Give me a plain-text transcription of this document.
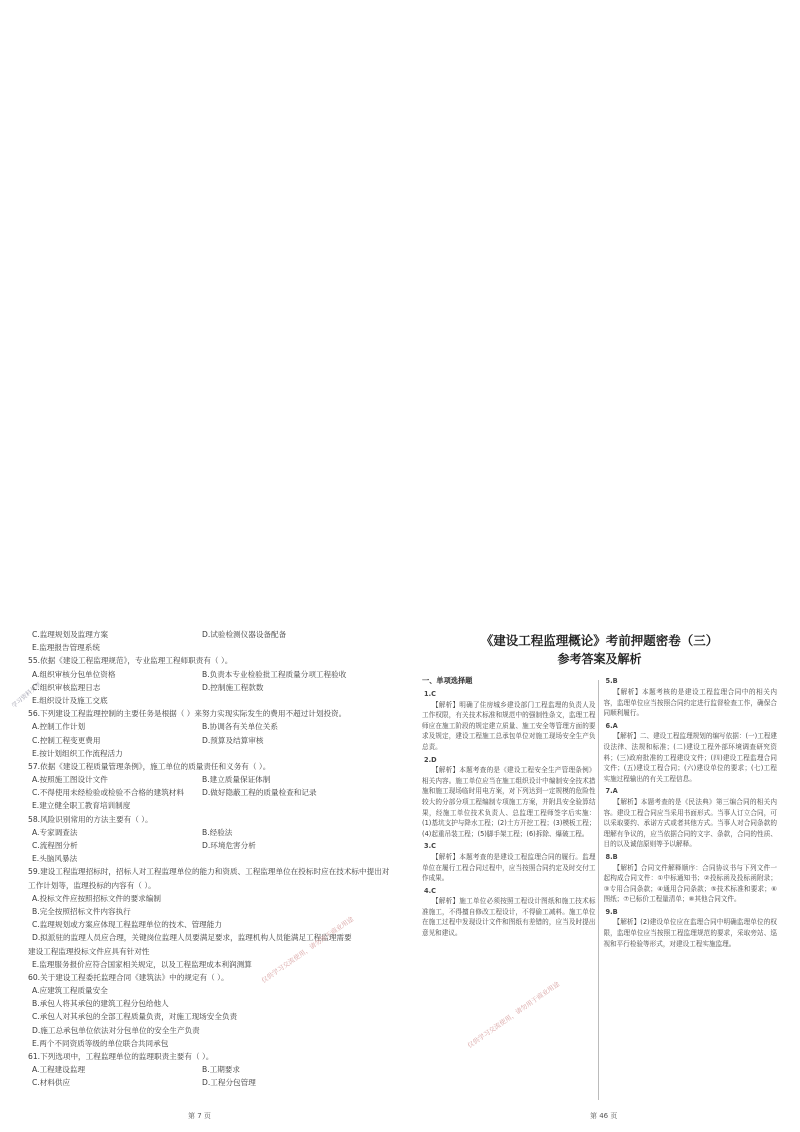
学习资料分享
C.监理规划及监理方案	D.试验检测仪器设备配备
E.监理报告管理系统
55.依据《建设工程监理规范》，专业监理工程师职责有（ ）。
A.组织审核分包单位资格	B.负责本专业检验批工程质量分项工程验收
C.组织审核监理日志	D.控制施工程款数
E.组织设计及施工交底
56.下列建设工程监理控制的主要任务是根据（ ）来努力实现实际发生的费用不超过计划投资。
A.控制工作计划	B.协调各有关单位关系
C.控制工程变更费用	D.预算及结算审核
E.按计划组织工作流程活力
57.依据《建设工程质量管理条例》，施工单位的质量责任和义务有（ ）。
A.按照施工图设计文件	B.建立质量保证体制
C.不得使用未经检验或检验不合格的建筑材料	D.做好隐蔽工程的质量检查和记录
E.建立健全职工教育培训制度
58.风险识别常用的方法主要有（ ）。
A.专家调查法	B.经验法
C.流程图分析	D.环境危害分析
E.头脑风暴法
59.建设工程监理招标时，招标人对工程监理单位的能力和资质、工程监理单位在投标时应在技术标中提出对
工作计划等，监理投标的内容有（ ）。
A.投标文件应按照招标文件的要求编制
B.完全按照招标文件内容执行
C.监理规划或方案应体现工程监理单位的技术、管理能力
D.拟派驻的监理人员应合理，关键岗位监理人员要满足要求，监理机构人员能满足工程监理需要
建设工程监理投标文件应具有针对性
E.监理服务报价应符合国家相关规定，以及工程监理成本利润测算
60.关于建设工程委托监理合同《建筑法》中的规定有（ ）。
A.应建筑工程质量安全
B.承包人将其承包的建筑工程分包给他人
C.承包人对其承包的全部工程质量负责，对施工现场安全负责
D.施工总承包单位依法对分包单位的安全生产负责
E.两个不同资质等级的单位联合共同承包
61.下列选项中，工程监理单位的监理职责主要有（ ）。
A.工程建设监理	B.工期要求
C.材料供应	D.工程分包管理
第 7 页
仅供学习交流使用，请勿用于商业用途
仅供学习交流使用，请勿用于商业用途
《建设工程监理概论》考前押题密卷（三）
参考答案及解析
一、单项选择题
1.C
【解析】明确了住房城乡建设部门工程监理的负责人及工作权限，有关技术标准和规范中的强制性条文，监理工程师应在施工阶段的规定建立质量、施工安全等管理方面的要求及规定，建设工程施工总承包单位对施工现场安全生产负总责。
2.D
【解析】本题考查的是《建设工程安全生产管理条例》相关内容。施工单位应当在施工组织设计中编制安全技术措施和施工现场临时用电方案，对下列达到一定规模的危险性较大的分部分项工程编制专项施工方案，并附具安全验算结果，经施工单位技术负责人、总监理工程师签字后实施：(1)基坑支护与降水工程；(2)土方开挖工程；(3)模板工程；(4)起重吊装工程；(5)脚手架工程；(6)拆除、爆破工程。
3.C
【解析】本题考查的是建设工程监理合同的履行。监理单位在履行工程合同过程中，应当按照合同约定及时交付工作成果。
4.C
【解析】施工单位必须按照工程设计图纸和施工技术标准施工，不得擅自修改工程设计，不得偷工减料。施工单位在施工过程中发现设计文件和图纸有差错的，应当及时提出意见和建议。
5.B
【解析】本题考核的是建设工程监理合同中的相关内容，监理单位应当按照合同约定进行监督检查工作，确保合同顺利履行。
6.A
【解析】二、建设工程监理规划的编写依据：(一)工程建设法律、法规和标准；(二)建设工程外部环境调查研究资料；(三)政府批准的工程建设文件；(四)建设工程监理合同文件；(五)建设工程合同；(六)建设单位的要求；(七)工程实施过程输出的有关工程信息。
7.A
【解析】本题考查的是《民法典》第三编合同的相关内容。建设工程合同应当采用书面形式。当事人订立合同，可以采取要约、承诺方式或者其他方式。当事人对合同条款的理解有争议的，应当依据合同的文字、条款，合同的性质、目的以及诚信原则等予以解释。
8.B
【解析】合同文件解释顺序：合同协议书与下列文件一起构成合同文件：①中标通知书；②投标函及投标函附录；③专用合同条款；④通用合同条款；⑤技术标准和要求；⑥图纸；⑦已标价工程量清单；⑧其他合同文件。
9.B
【解析】(2)建设单位应在监理合同中明确监理单位的权限，监理单位应当按照工程监理规范的要求，采取旁站、巡视和平行检验等形式，对建设工程实施监理。
第 46 页
